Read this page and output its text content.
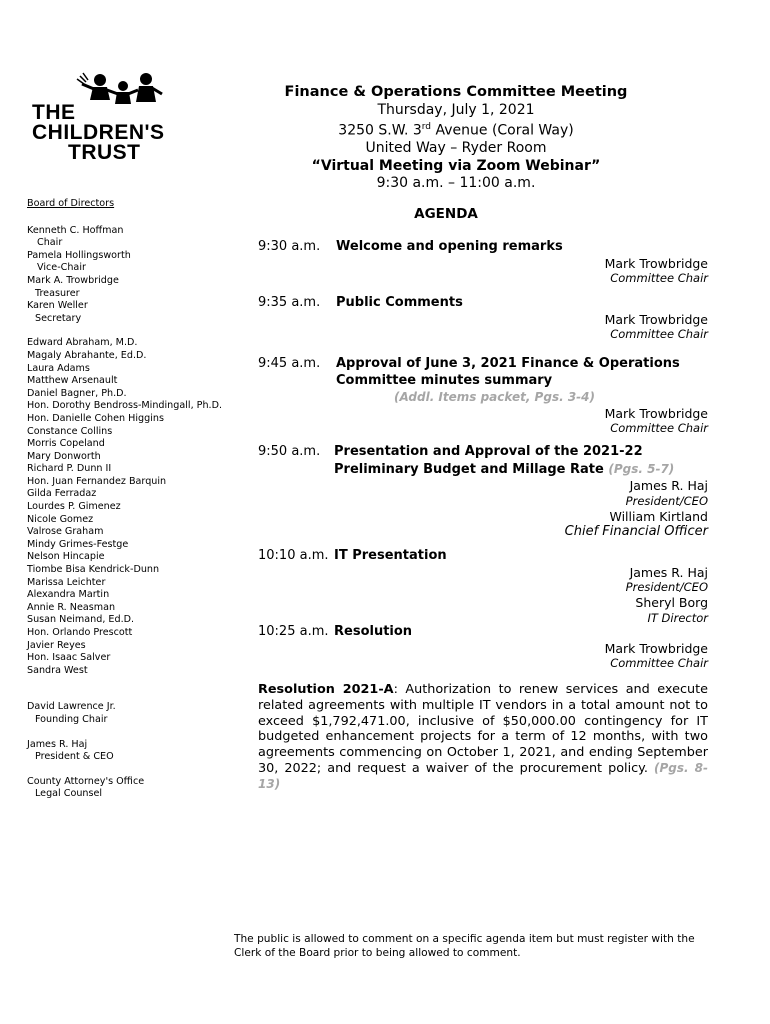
THE
CHILDREN'S
TRUST
Board of Directors
Kenneth C. Hoffman
Chair
Pamela Hollingsworth
Vice-Chair
Mark A. Trowbridge
Treasurer
Karen Weller
Secretary
Edward Abraham, M.D.
Magaly Abrahante, Ed.D.
Laura Adams
Matthew Arsenault
Daniel Bagner, Ph.D.
Hon. Dorothy Bendross-Mindingall, Ph.D.
Hon. Danielle Cohen Higgins
Constance Collins
Morris Copeland
Mary Donworth
Richard P. Dunn II
Hon. Juan Fernandez Barquin
Gilda Ferradaz
Lourdes P. Gimenez
Nicole Gomez
Valrose Graham
Mindy Grimes-Festge
Nelson Hincapie
Tiombe Bisa Kendrick-Dunn
Marissa Leichter
Alexandra Martin
Annie R. Neasman
Susan Neimand, Ed.D.
Hon. Orlando Prescott
Javier Reyes
Hon. Isaac Salver
Sandra West
David Lawrence Jr.
Founding Chair
James R. Haj
President & CEO
County Attorney's Office
Legal Counsel
Finance & Operations Committee Meeting
Thursday, July 1, 2021
3250 S.W. 3rd Avenue (Coral Way)
United Way – Ryder Room
“Virtual Meeting via Zoom Webinar”
9:30 a.m. – 11:00 a.m.
AGENDA
9:30 a.m. Welcome and opening remarks
Mark Trowbridge
Committee Chair
9:35 a.m. Public Comments
Mark Trowbridge
Committee Chair
9:45 a.m. Approval of June 3, 2021 Finance & Operations
Committee minutes summary
(Addl. Items packet, Pgs. 3-4)
Mark Trowbridge
Committee Chair
9:50 a.m. Presentation and Approval of the 2021-22
Preliminary Budget and Millage Rate (Pgs. 5-7)
James R. Haj
President/CEO
William Kirtland
Chief Financial Officer
10:10 a.m. IT Presentation
James R. Haj
President/CEO
Sheryl Borg
IT Director
10:25 a.m. Resolution
Mark Trowbridge
Committee Chair
Resolution 2021-A: Authorization to renew services and execute related agreements with multiple IT vendors in a total amount not to exceed $1,792,471.00, inclusive of $50,000.00 contingency for IT budgeted enhancement projects for a term of 12 months, with two agreements commencing on October 1, 2021, and ending September 30, 2022; and request a waiver of the procurement policy. (Pgs. 8-13)
The public is allowed to comment on a specific agenda item but must register with the Clerk of the Board prior to being allowed to comment.
